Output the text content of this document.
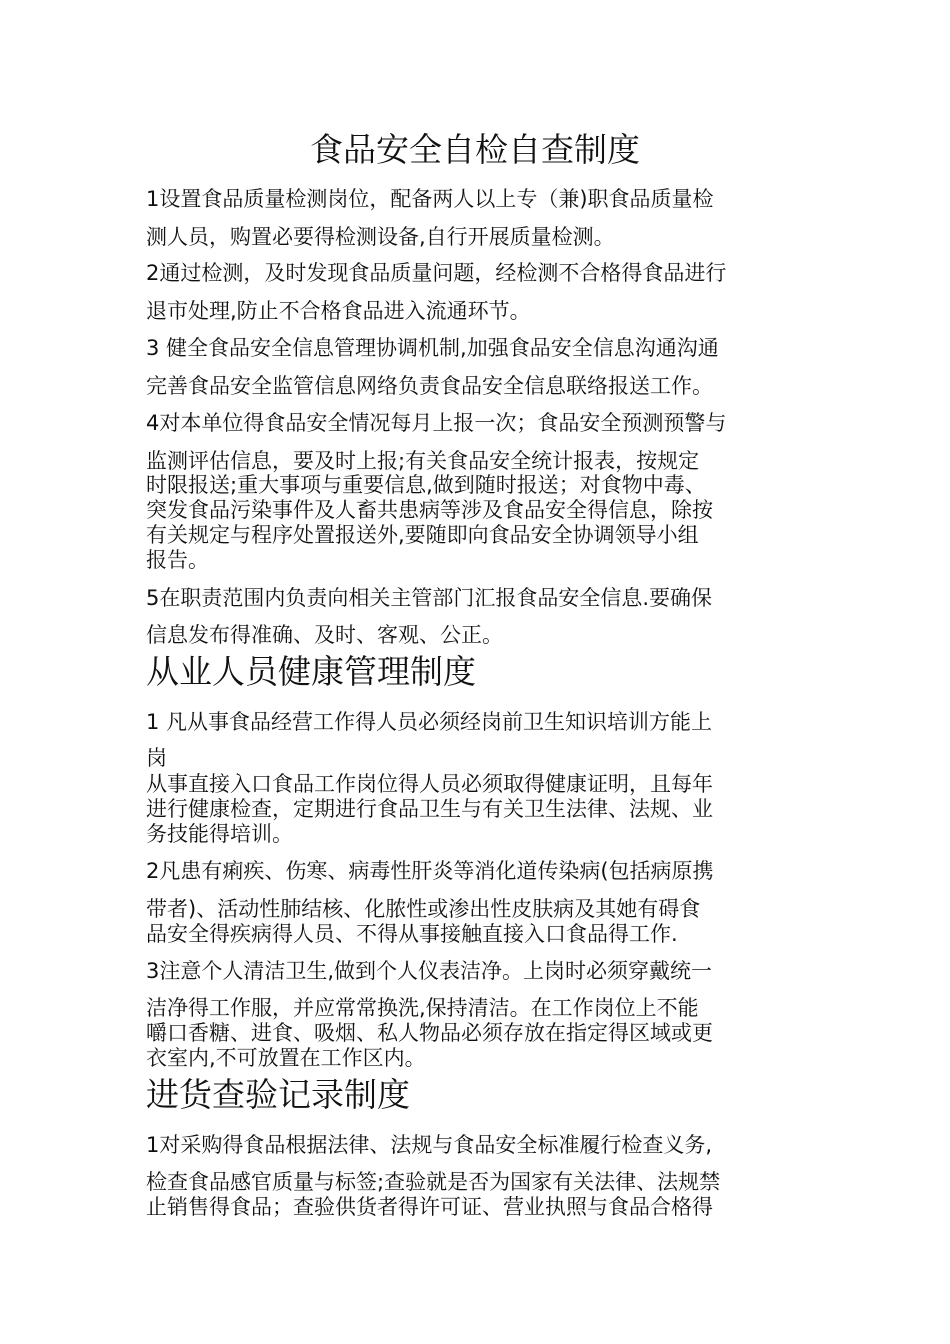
食品安全自检自查制度
1设置食品质量检测岗位，配备两人以上专（兼)职食品质量检
测人员，购置必要得检测设备,自行开展质量检测。
2通过检测，及时发现食品质量问题，经检测不合格得食品进行
退市处理,防止不合格食品进入流通环节。
3 健全食品安全信息管理协调机制,加强食品安全信息沟通沟通
完善食品安全监管信息网络负责食品安全信息联络报送工作。
4对本单位得食品安全情况每月上报一次；食品安全预测预警与
监测评估信息，要及时上报;有关食品安全统计报表，按规定
时限报送;重大事项与重要信息,做到随时报送；对食物中毒、
突发食品污染事件及人畜共患病等涉及食品安全得信息，除按
有关规定与程序处置报送外,要随即向食品安全协调领导小组
报告。
5在职责范围内负责向相关主管部门汇报食品安全信息.要确保
信息发布得准确、及时、客观、公正。
从业人员健康管理制度
1 凡从事食品经营工作得人员必须经岗前卫生知识培训方能上
岗
从事直接入口食品工作岗位得人员必须取得健康证明，且每年
进行健康检查，定期进行食品卫生与有关卫生法律、法规、业
务技能得培训。
2凡患有痢疾、伤寒、病毒性肝炎等消化道传染病(包括病原携
带者)、活动性肺结核、化脓性或渗出性皮肤病及其她有碍食
品安全得疾病得人员、不得从事接触直接入口食品得工作.
3注意个人清洁卫生,做到个人仪表洁净。上岗时必须穿戴统一
洁净得工作服，并应常常换洗,保持清洁。在工作岗位上不能
嚼口香糖、进食、吸烟、私人物品必须存放在指定得区域或更
衣室内,不可放置在工作区内。
进货查验记录制度
1对采购得食品根据法律、法规与食品安全标准履行检查义务,
检查食品感官质量与标签;查验就是否为国家有关法律、法规禁
止销售得食品；查验供货者得许可证、营业执照与食品合格得
